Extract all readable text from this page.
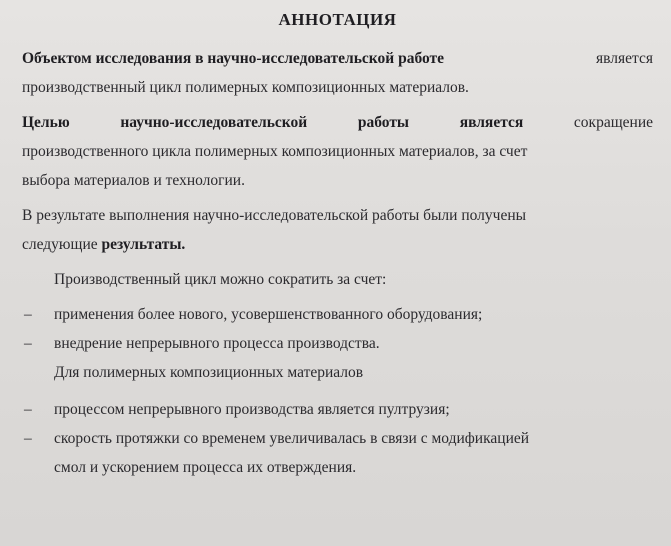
АННОТАЦИЯ
Объектом исследования в научно-исследовательской работе	является
производственный цикл полимерных композиционных материалов.
Целью	научно-исследовательской	работы	является	сокращение
производственного цикла полимерных композиционных материалов, за счет
выбора материалов и технологии.
В результате выполнения научно-исследовательской работы были получены
следующие результаты.
Производственный цикл можно сократить за счет:
– применения более нового, усовершенствованного оборудования;
– внедрение непрерывного процесса производства.
Для полимерных композиционных материалов
– процессом непрерывного производства является пултрузия;
– скорость протяжки со временем увеличивалась в связи с модификацией
смол и ускорением процесса их отверждения.
